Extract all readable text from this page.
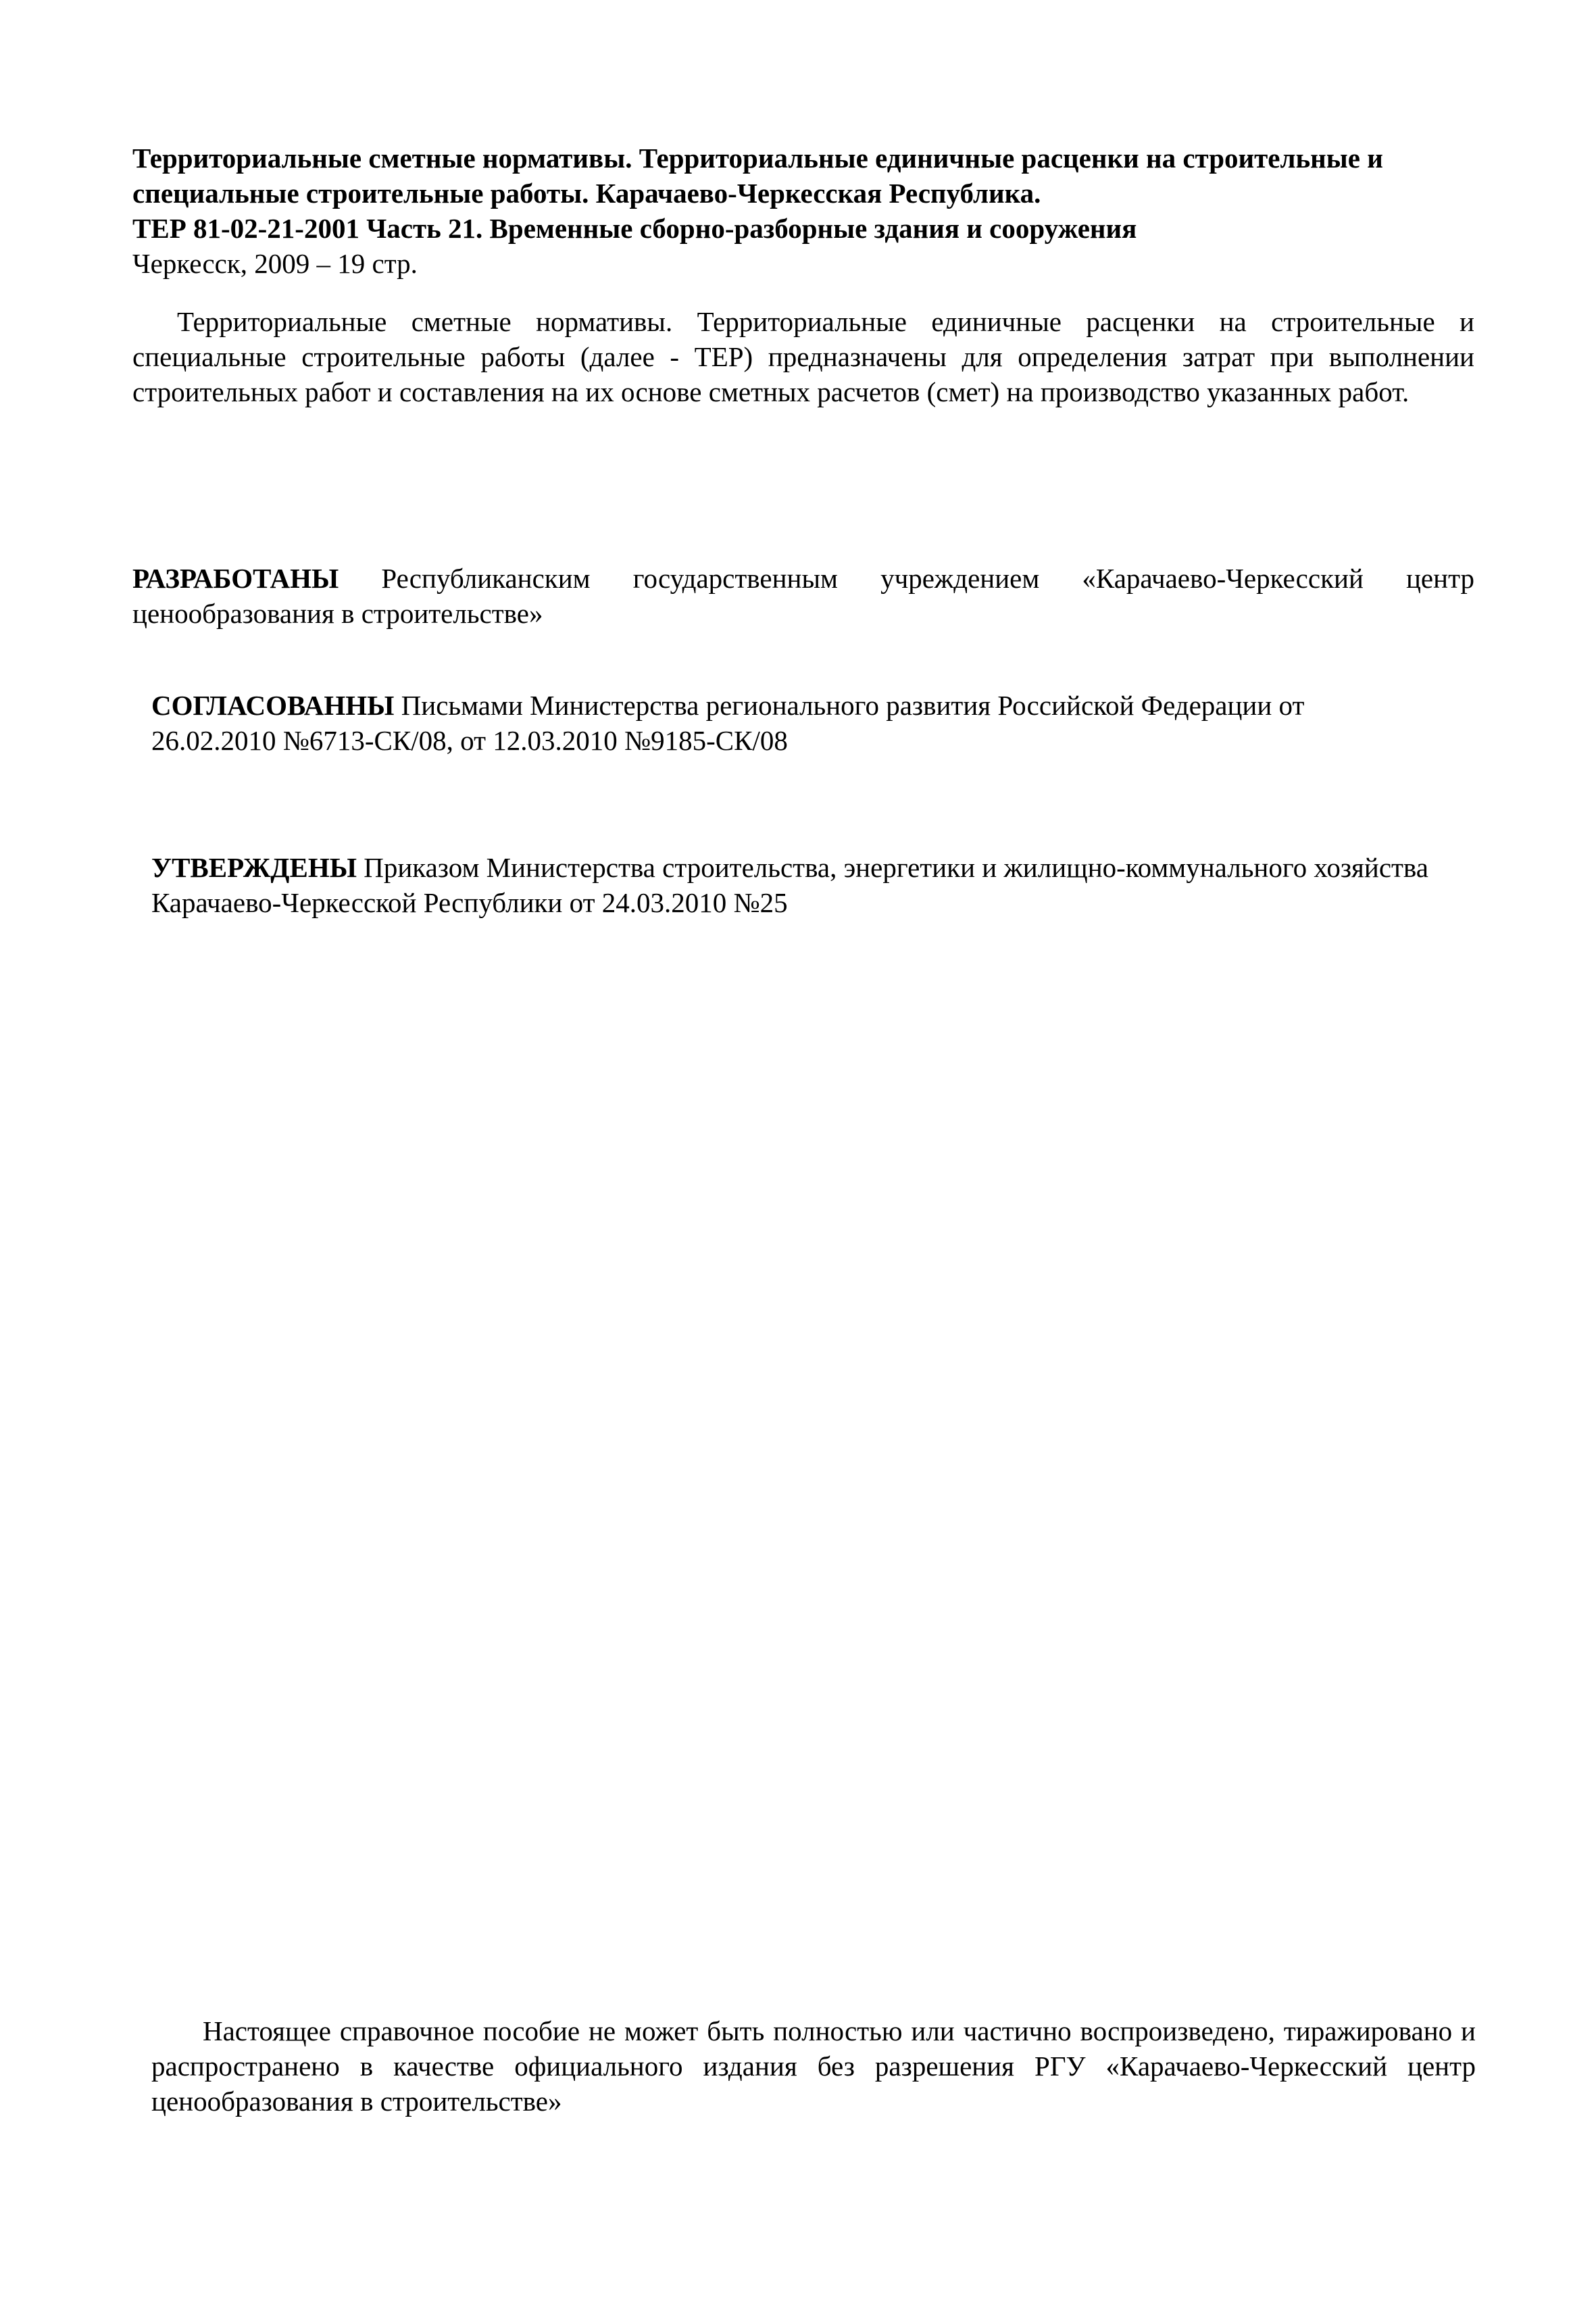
Территориальные сметные нормативы. Территориальные единичные расценки на строительные и
специальные строительные работы. Карачаево-Черкесская Республика.
ТЕР 81-02-21-2001 Часть 21. Временные сборно-разборные здания и сооружения
Черкесск, 2009 – 19 стр.

Территориальные сметные нормативы. Территориальные единичные расценки на строительные и специальные строительные работы (далее - ТЕР) предназначены для определения затрат при выполнении строительных работ и составления на их основе сметных расчетов (смет) на производство указанных работ.

РАЗРАБОТАНЫ Республиканским государственным учреждением «Карачаево-Черкесский центр ценообразования в строительстве»

СОГЛАСОВАННЫ Письмами Министерства регионального развития Российской Федерации от 26.02.2010 №6713-СК/08, от 12.03.2010 №9185-СК/08

УТВЕРЖДЕНЫ Приказом Министерства строительства, энергетики и жилищно-коммунального хозяйства Карачаево-Черкесской Республики от 24.03.2010 №25

Настоящее справочное пособие не может быть полностью или частично воспроизведено, тиражировано и распространено в качестве официального издания без разрешения РГУ «Карачаево-Черкесский центр ценообразования в строительстве»
